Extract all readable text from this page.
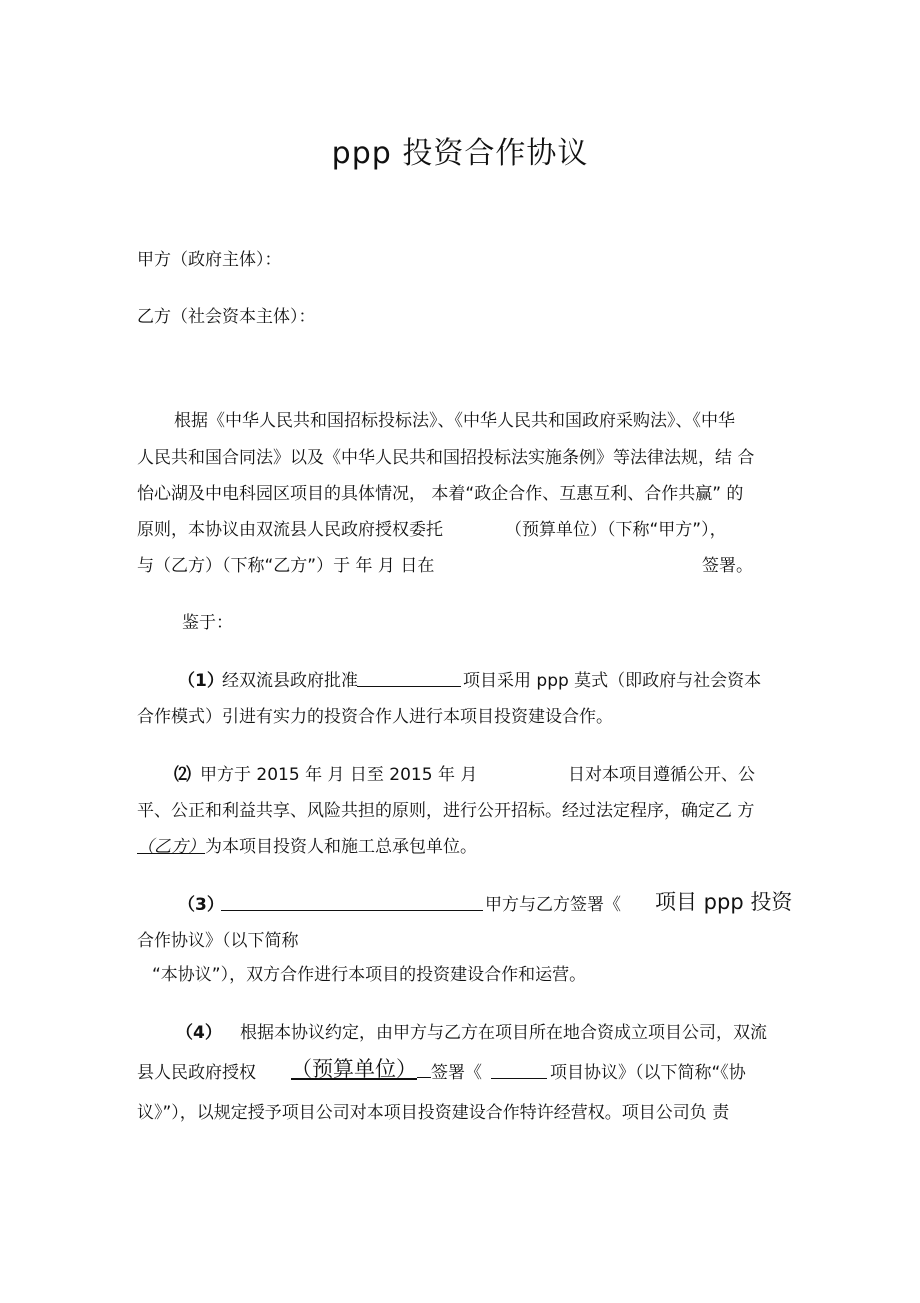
ppp 投资合作协议
甲方（政府主体）：
乙方（社会资本主体）：
根据《中华人民共和国招标投标法》、《中华人民共和国政府采购法》、《中华
人民共和国合同法》以及《中华人民共和国招投标法实施条例》等法律法规，结 合
怡心湖及中电科园区项目的具体情况， 本着“政企合作、互惠互利、合作共赢” 的
原则，本协议由双流县人民政府授权委托	（预算单位）（下称“甲方”），
与（乙方）（下称“乙方”）于 年 月 日在	签署。
鉴于：
（1）
经双流县政府批准	项目采用 ppp 莫式（即政府与社会资本
合作模式）引进有实力的投资合作人进行本项目投资建设合作。
⑵ 甲方于 2015 年 月 日至 2015 年 月	日对本项目遵循公开、公
平、公正和利益共享、风险共担的原则，进行公开招标。经过法定程序，确定乙 方
（乙方） 为本项目投资人和施工总承包单位。
（3）	甲方与乙方签署《 项目 ppp 投资
合作协议》（以下简称
“本协议”），双方合作进行本项目的投资建设合作和运营。
（4） 根据本协议约定，由甲方与乙方在项目所在地合资成立项目公司，双流
县人民政府授权 （预算单位） 签署《	项目协议》（以下简称“《协
议》”），以规定授予项目公司对本项目投资建设合作特许经营权。项目公司负 责
